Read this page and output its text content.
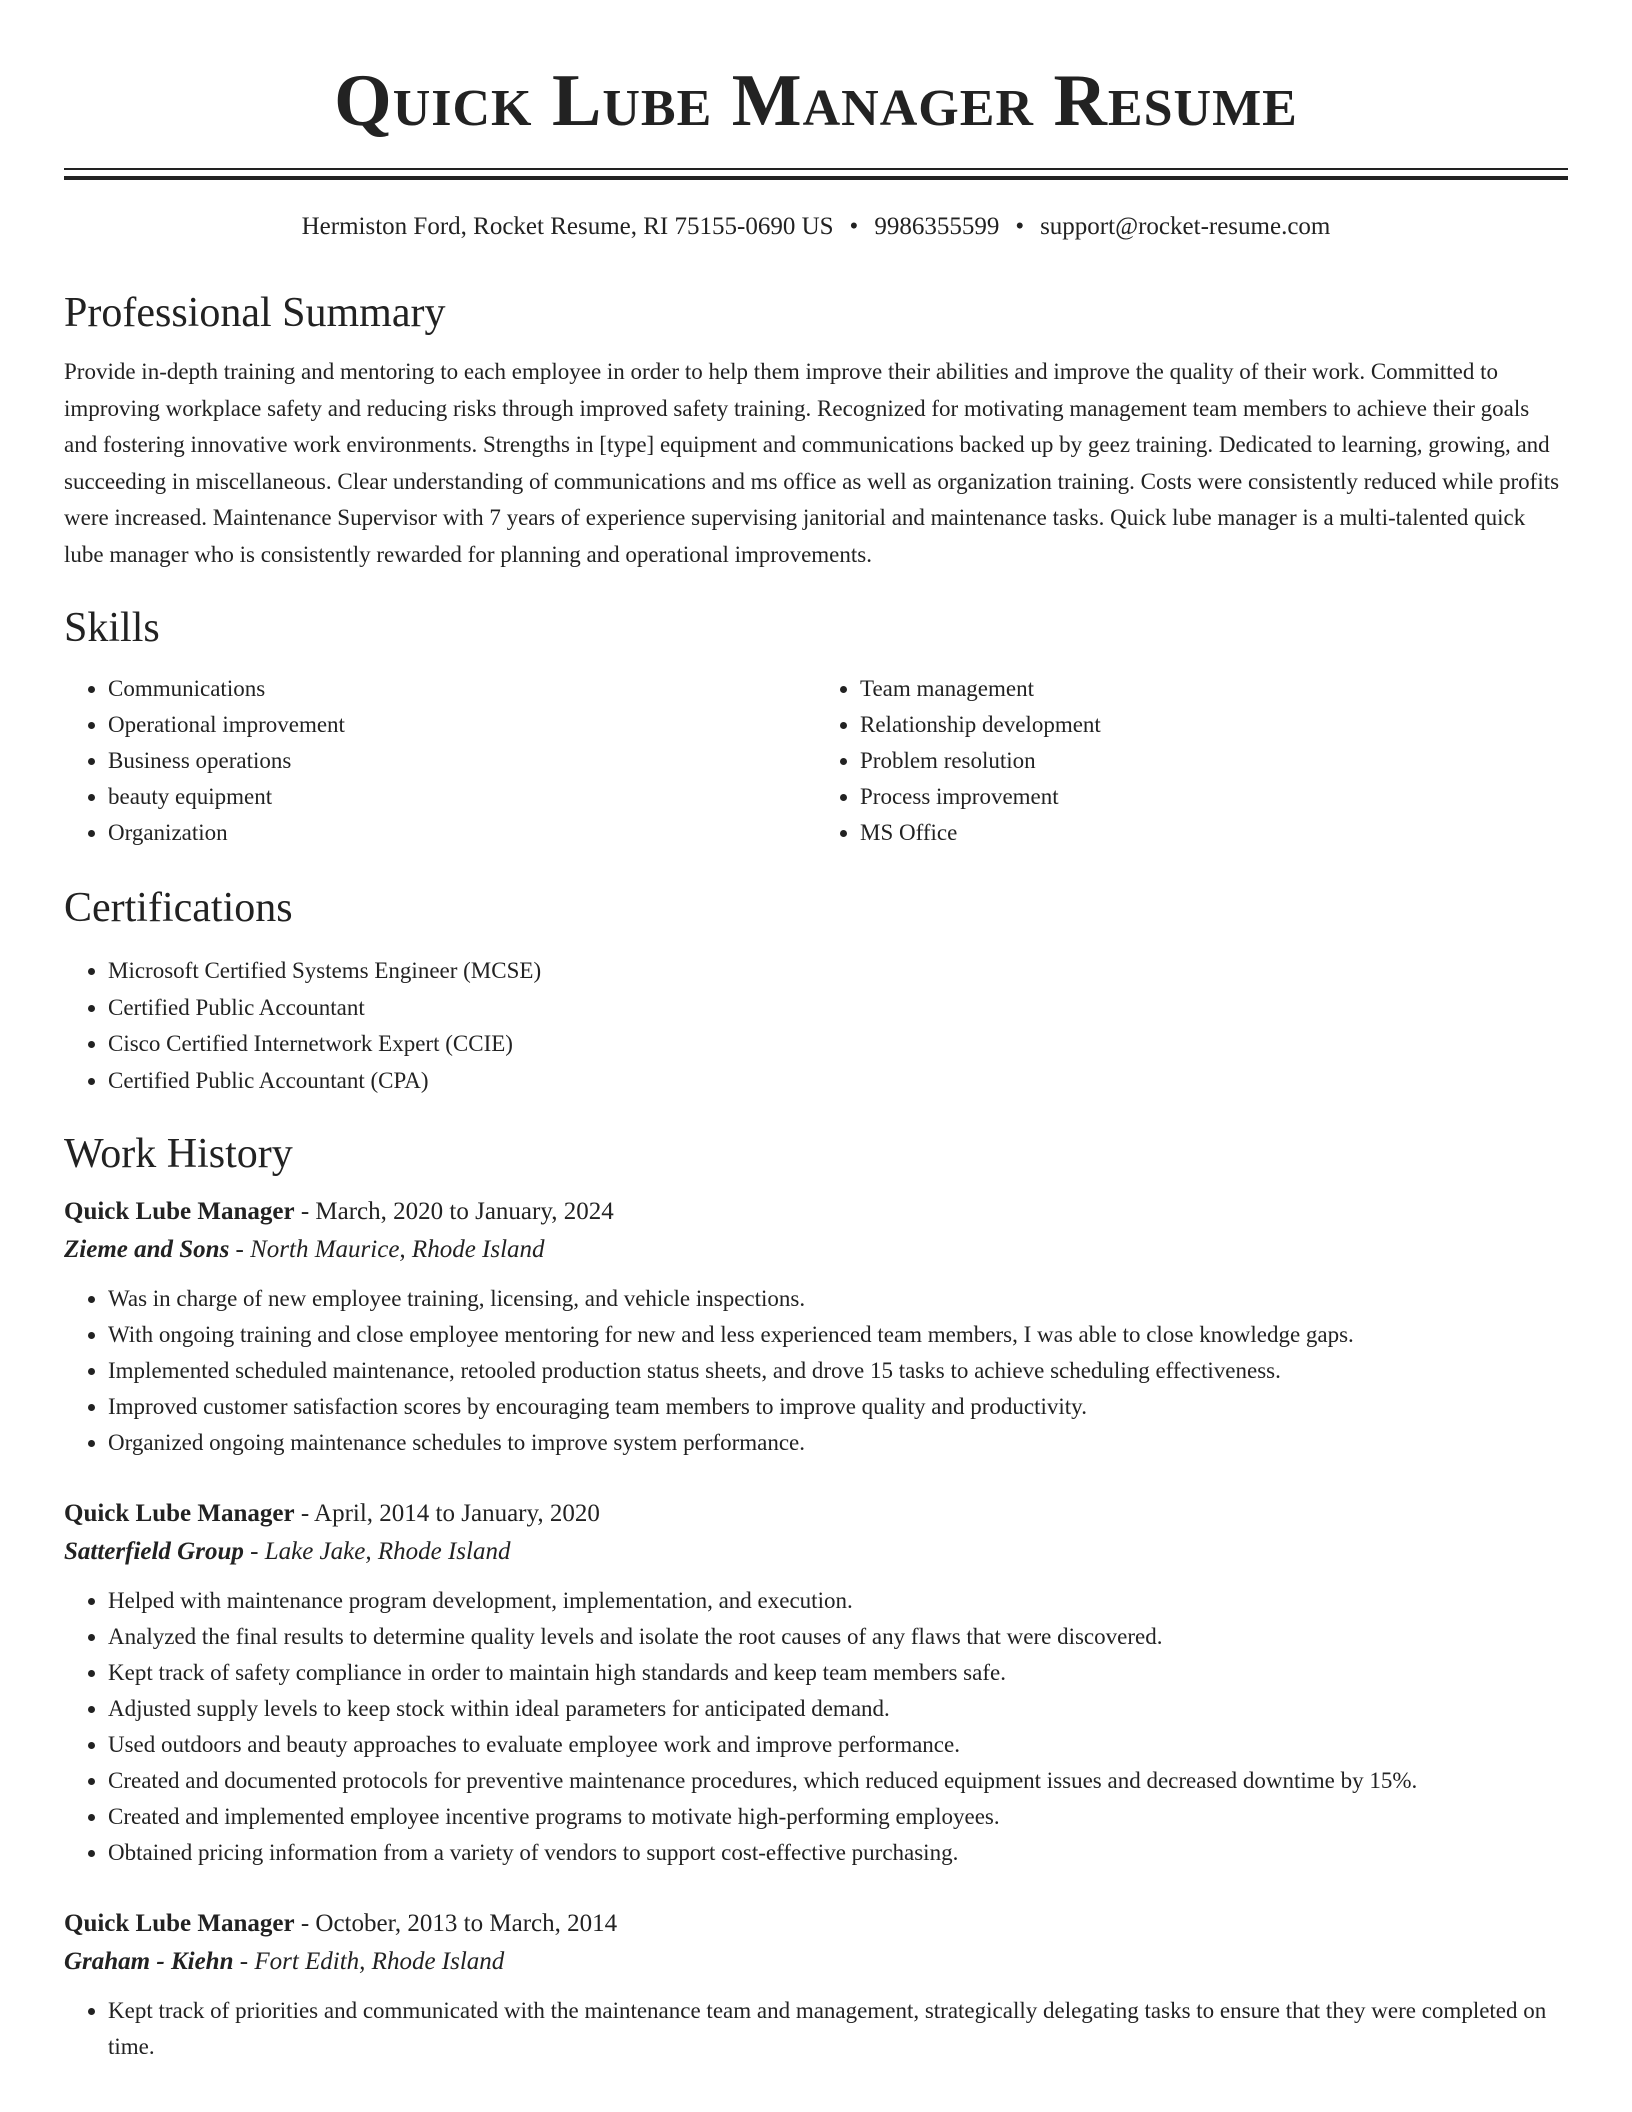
Quick Lube Manager Resume
Hermiston Ford, Rocket Resume, RI 75155-0690 US • 9986355599 • support@rocket-resume.com
Professional Summary
Provide in-depth training and mentoring to each employee in order to help them improve their abilities and improve the quality of their work. Committed to improving workplace safety and reducing risks through improved safety training. Recognized for motivating management team members to achieve their goals and fostering innovative work environments. Strengths in [type] equipment and communications backed up by geez training. Dedicated to learning, growing, and succeeding in miscellaneous. Clear understanding of communications and ms office as well as organization training. Costs were consistently reduced while profits were increased. Maintenance Supervisor with 7 years of experience supervising janitorial and maintenance tasks. Quick lube manager is a multi-talented quick lube manager who is consistently rewarded for planning and operational improvements.
Skills
• Communications
• Operational improvement
• Business operations
• beauty equipment
• Organization
• Team management
• Relationship development
• Problem resolution
• Process improvement
• MS Office
Certifications
• Microsoft Certified Systems Engineer (MCSE)
• Certified Public Accountant
• Cisco Certified Internetwork Expert (CCIE)
• Certified Public Accountant (CPA)
Work History
Quick Lube Manager - March, 2020 to January, 2024
Zieme and Sons - North Maurice, Rhode Island
• Was in charge of new employee training, licensing, and vehicle inspections.
• With ongoing training and close employee mentoring for new and less experienced team members, I was able to close knowledge gaps.
• Implemented scheduled maintenance, retooled production status sheets, and drove 15 tasks to achieve scheduling effectiveness.
• Improved customer satisfaction scores by encouraging team members to improve quality and productivity.
• Organized ongoing maintenance schedules to improve system performance.
Quick Lube Manager - April, 2014 to January, 2020
Satterfield Group - Lake Jake, Rhode Island
• Helped with maintenance program development, implementation, and execution.
• Analyzed the final results to determine quality levels and isolate the root causes of any flaws that were discovered.
• Kept track of safety compliance in order to maintain high standards and keep team members safe.
• Adjusted supply levels to keep stock within ideal parameters for anticipated demand.
• Used outdoors and beauty approaches to evaluate employee work and improve performance.
• Created and documented protocols for preventive maintenance procedures, which reduced equipment issues and decreased downtime by 15%.
• Created and implemented employee incentive programs to motivate high-performing employees.
• Obtained pricing information from a variety of vendors to support cost-effective purchasing.
Quick Lube Manager - October, 2013 to March, 2014
Graham - Kiehn - Fort Edith, Rhode Island
• Kept track of priorities and communicated with the maintenance team and management, strategically delegating tasks to ensure that they were completed on time.
